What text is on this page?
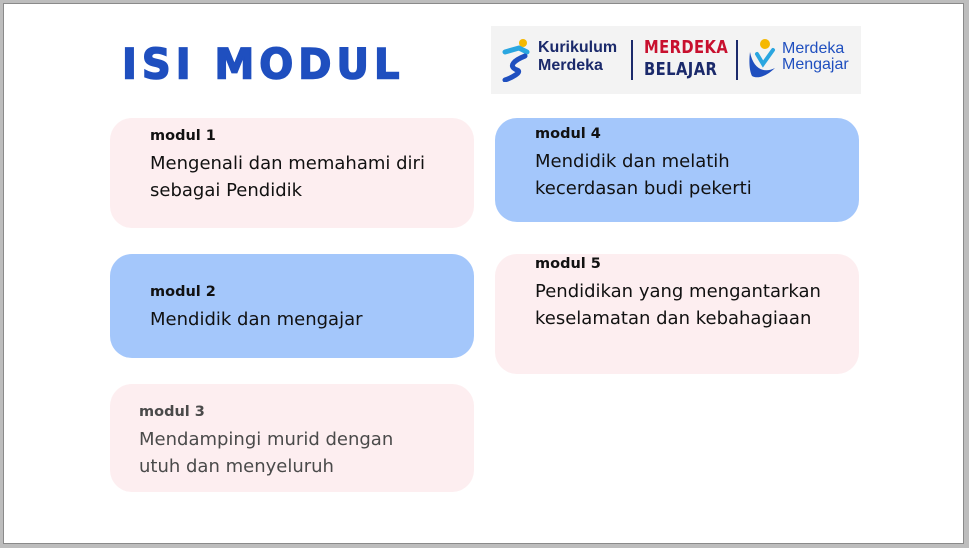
ISI MODUL	Kurikulum
Merdeka
MERDEKA
BELAJAR
Merdeka
Mengajar
modul 1
Mengenali dan memahami diri sebagai Pendidik
modul 2
Mendidik dan mengajar
modul 3
Mendampingi murid dengan utuh dan menyeluruh
modul 4
Mendidik dan melatih kecerdasan budi pekerti
modul 5
Pendidikan yang mengantarkan keselamatan dan kebahagiaan
